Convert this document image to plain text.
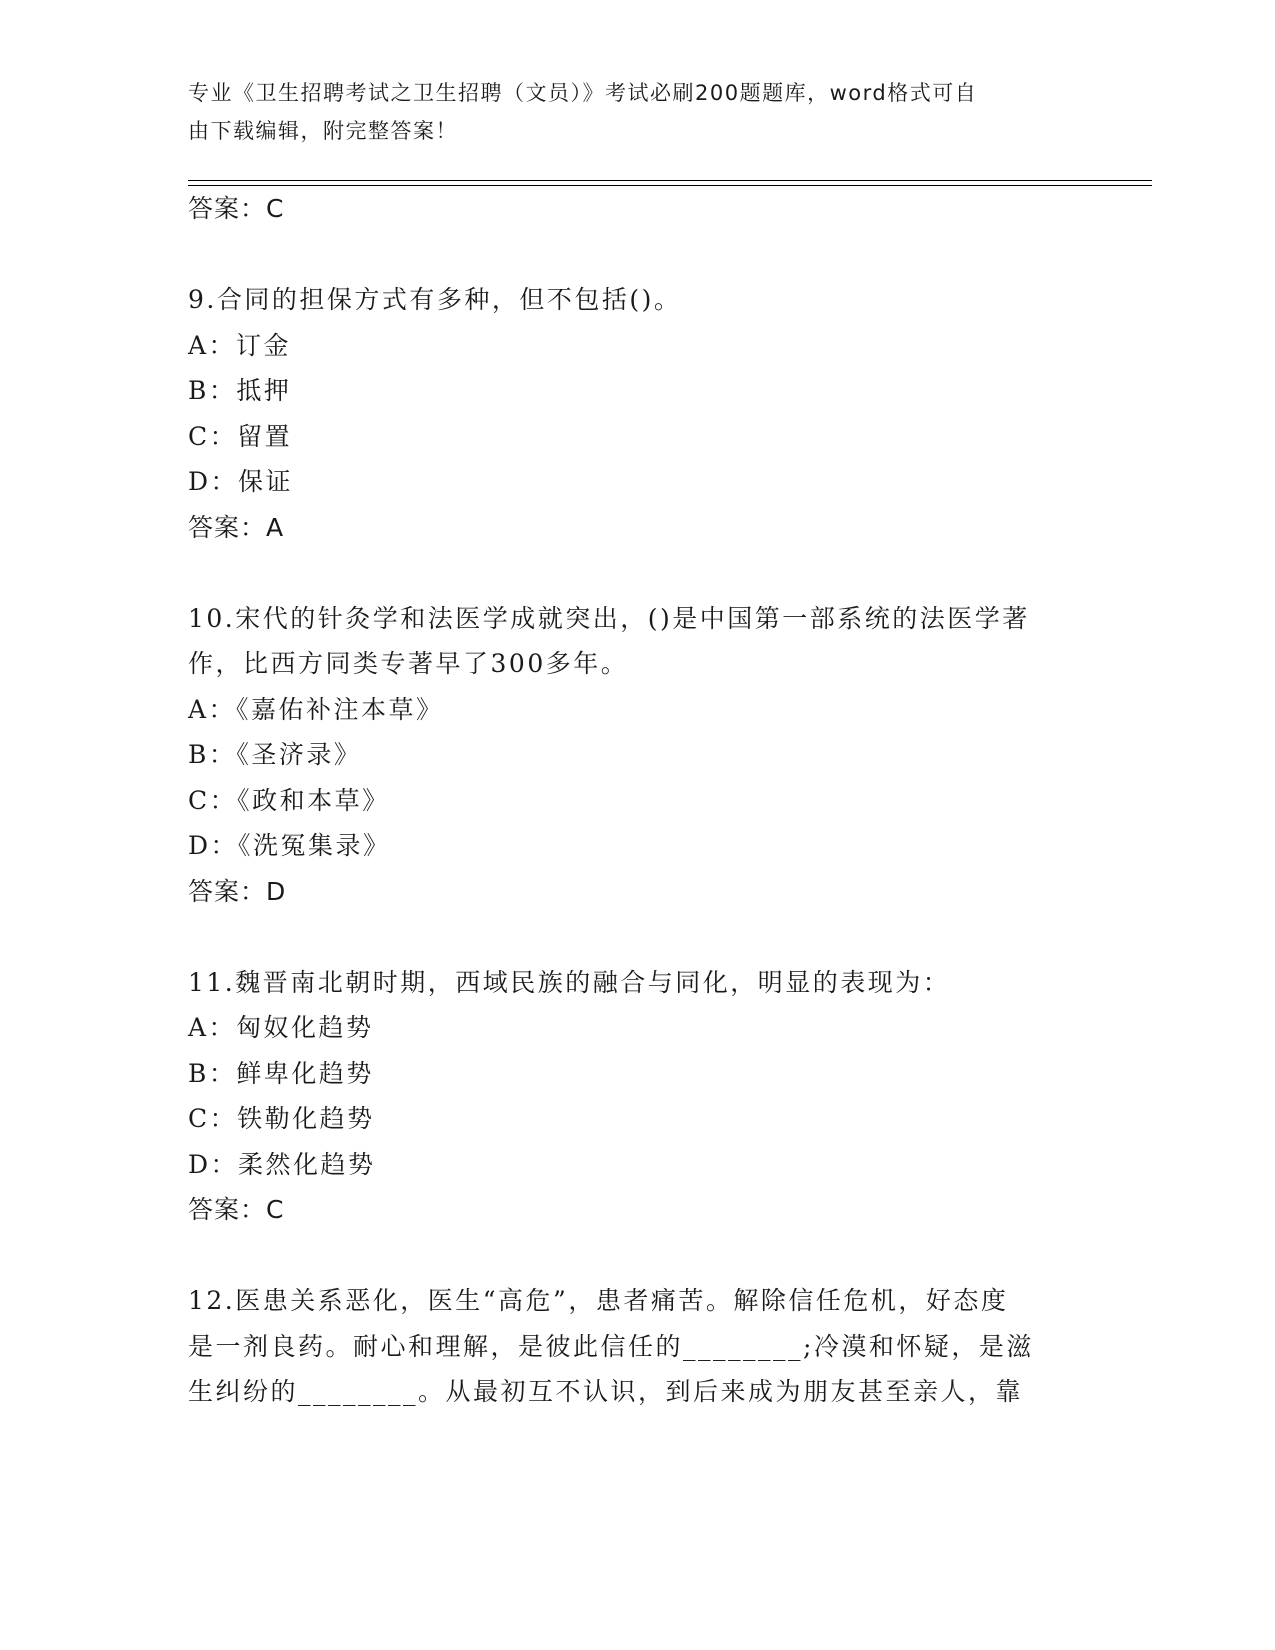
专业《卫生招聘考试之卫生招聘（文员）》考试必刷200题题库，word格式可自
由下载编辑，附完整答案！
答案：C
9.合同的担保方式有多种，但不包括()。
A：订金
B：抵押
C：留置
D：保证
答案：A
10.宋代的针灸学和法医学成就突出，()是中国第一部系统的法医学著
作，比西方同类专著早了300多年。
A：《嘉佑补注本草》
B：《圣济录》
C：《政和本草》
D：《洗冤集录》
答案：D
11.魏晋南北朝时期，西域民族的融合与同化，明显的表现为：
A：匈奴化趋势
B：鲜卑化趋势
C：铁勒化趋势
D：柔然化趋势
答案：C
12.医患关系恶化，医生“高危”，患者痛苦。解除信任危机，好态度
是一剂良药。耐心和理解，是彼此信任的________;冷漠和怀疑，是滋
生纠纷的________。从最初互不认识，到后来成为朋友甚至亲人，靠
